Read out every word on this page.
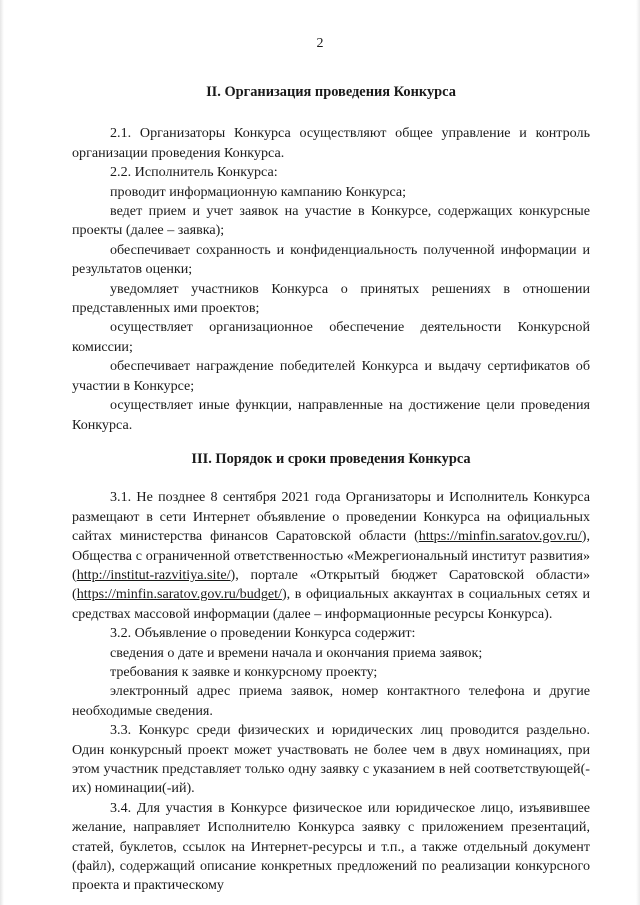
2
II. Организация проведения Конкурса

2.1. Организаторы Конкурса осуществляют общее управление и контроль организации проведения Конкурса.

2.2. Исполнитель Конкурса:

проводит информационную кампанию Конкурса;

ведет прием и учет заявок на участие в Конкурсе, содержащих конкурсные проекты (далее – заявка);

обеспечивает сохранность и конфиденциальность полученной информации и результатов оценки;

уведомляет участников Конкурса о принятых решениях в отношении представленных ими проектов;

осуществляет организационное обеспечение деятельности Конкурсной комиссии;

обеспечивает награждение победителей Конкурса и выдачу сертификатов об участии в Конкурсе;

осуществляет иные функции, направленные на достижение цели проведения Конкурса.

III. Порядок и сроки проведения Конкурса

3.1. Не позднее 8 сентября 2021 года Организаторы и Исполнитель Конкурса размещают в сети Интернет объявление о проведении Конкурса на официальных сайтах министерства финансов Саратовской области (https://minfin.saratov.gov.ru/), Общества с ограниченной ответственностью «Межрегиональный институт развития» (http://institut-razvitiya.site/), портале «Открытый бюджет Саратовской области» (https://minfin.saratov.gov.ru/budget/), в официальных аккаунтах в социальных сетях и средствах массовой информации (далее – информационные ресурсы Конкурса).

3.2. Объявление о проведении Конкурса содержит:

сведения о дате и времени начала и окончания приема заявок;

требования к заявке и конкурсному проекту;

электронный адрес приема заявок, номер контактного телефона и другие необходимые сведения.

3.3. Конкурс среди физических и юридических лиц проводится раздельно. Один конкурсный проект может участвовать не более чем в двух номинациях, при этом участник представляет только одну заявку с указанием в ней соответствующей(-их) номинации(-ий).

3.4. Для участия в Конкурсе физическое или юридическое лицо, изъявившее желание, направляет Исполнителю Конкурса заявку с приложением презентаций, статей, буклетов, ссылок на Интернет-ресурсы и т.п., а также отдельный документ (файл), содержащий описание конкретных предложений по реализации конкурсного проекта и практическому
